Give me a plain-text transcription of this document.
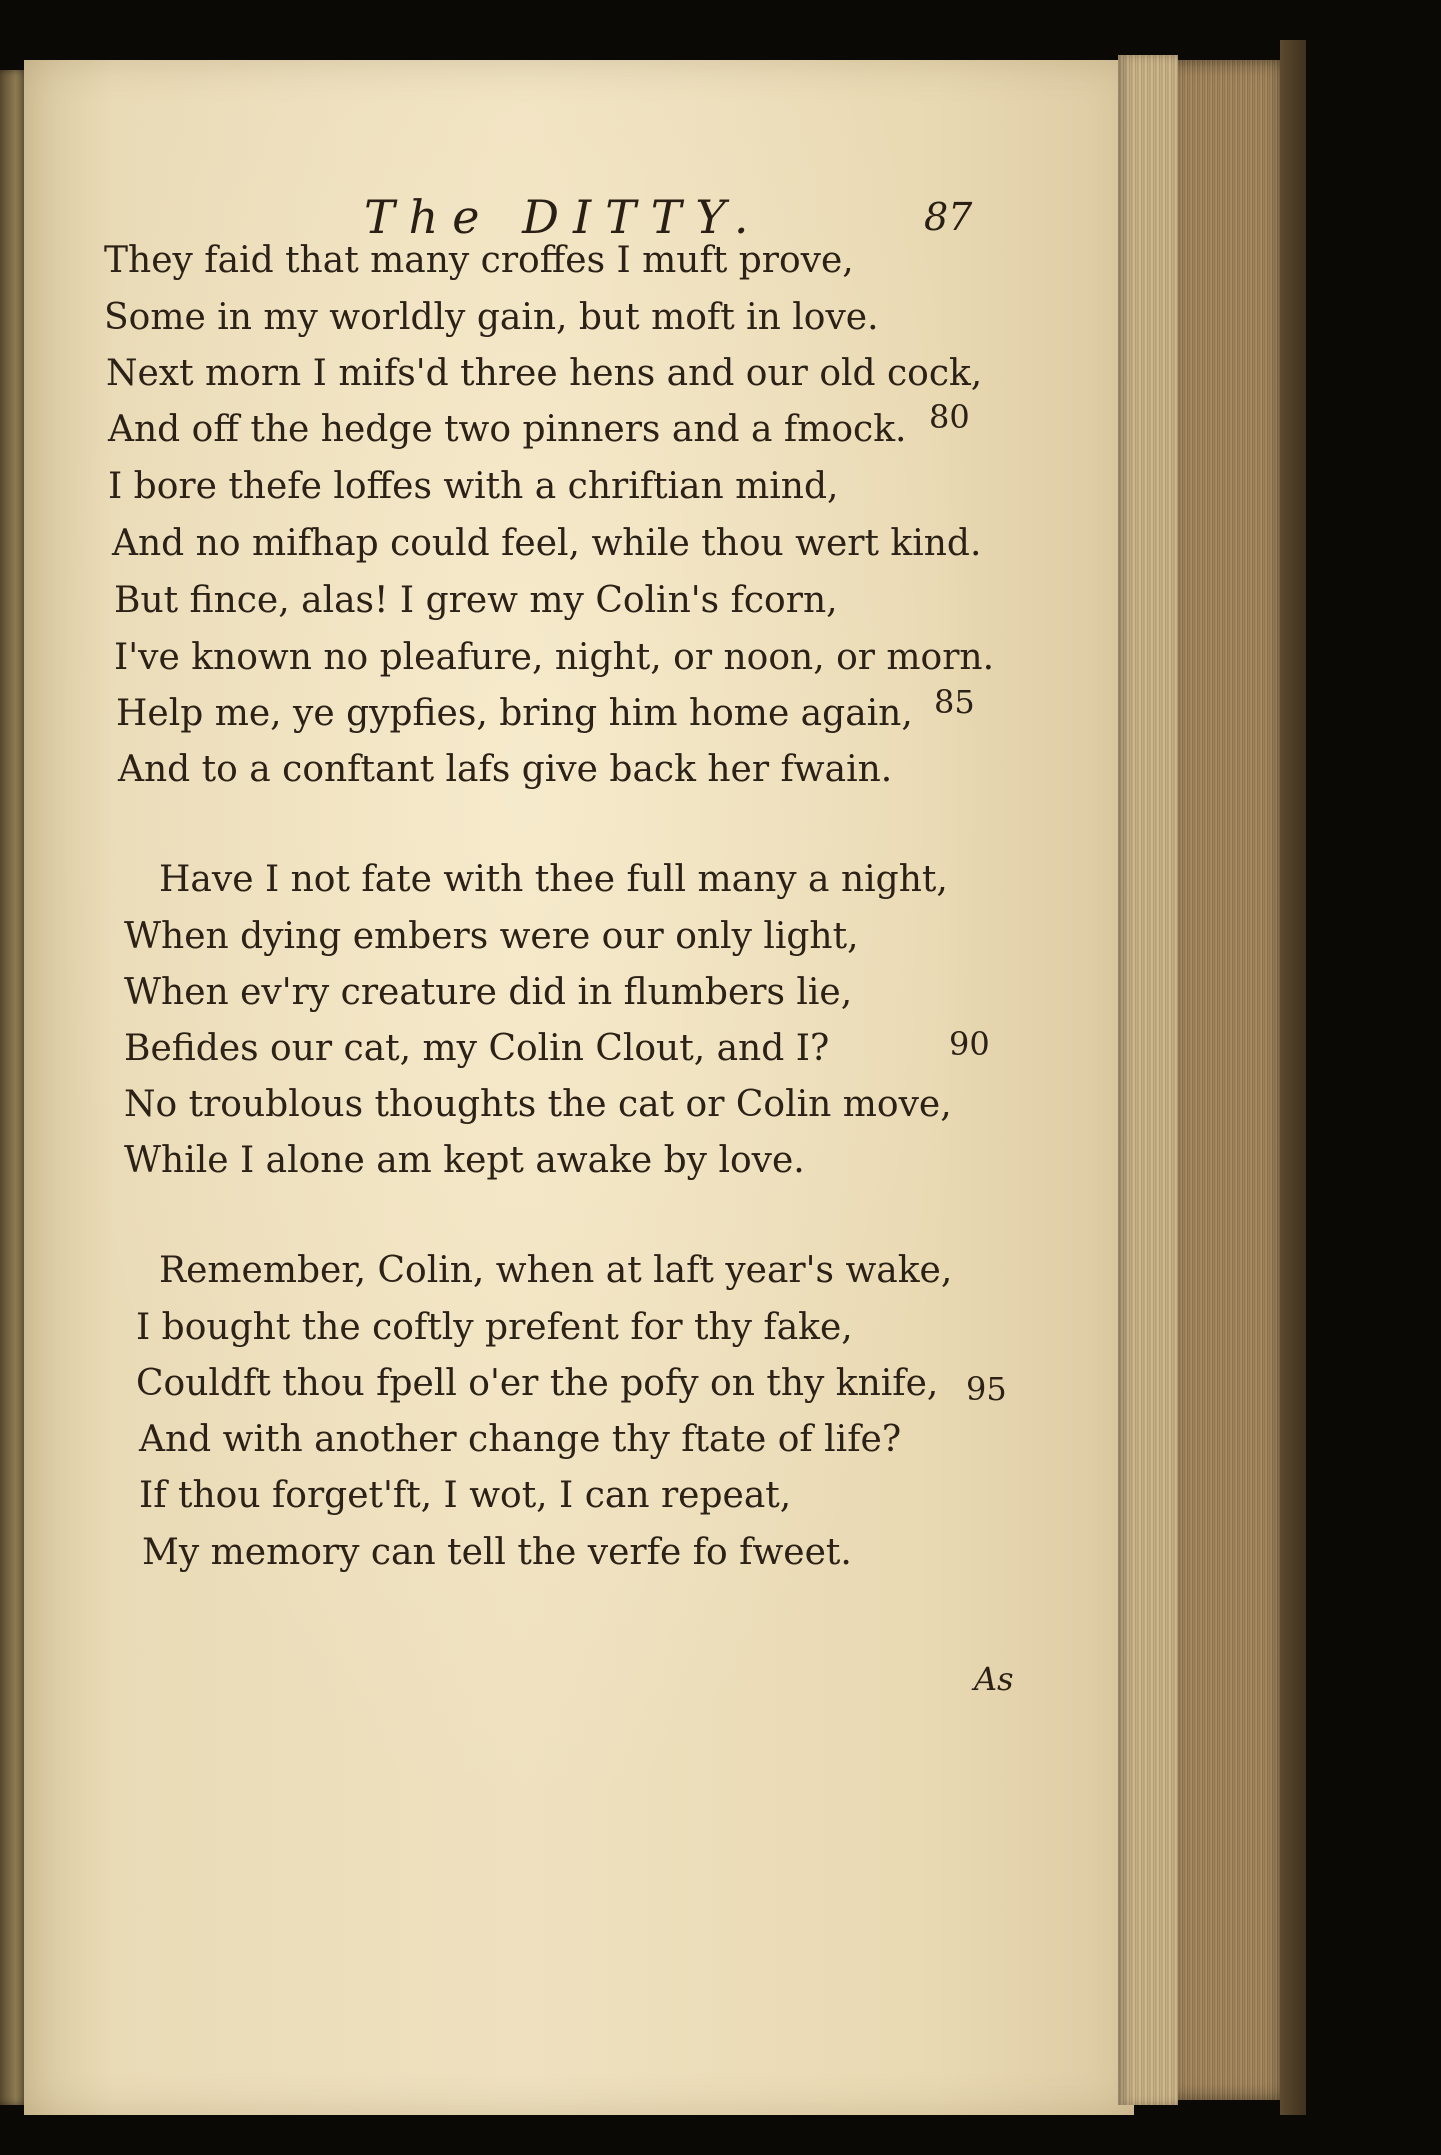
The DITTY.	87
They faid that many croffes I muft prove,
Some in my worldly gain, but moft in love.
Next morn I mifs'd three hens and our old cock,
And off the hedge two pinners and a fmock.
I bore thefe loffes with a chriftian mind,
And no mifhap could feel, while thou wert kind.
But fince, alas! I grew my Colin's fcorn,
I've known no pleafure, night, or noon, or morn.
Help me, ye gypfies, bring him home again,
And to a conftant lafs give back her fwain.
Have I not fate with thee full many a night,
When dying embers were our only light,
When ev'ry creature did in flumbers lie,
Befides our cat, my Colin Clout, and I?
No troublous thoughts the cat or Colin move,
While I alone am kept awake by love.
Remember, Colin, when at laft year's wake,
I bought the coftly prefent for thy fake,
Couldft thou fpell o'er the pofy on thy knife,
And with another change thy ftate of life?
If thou forget'ft, I wot, I can repeat,
My memory can tell the verfe fo fweet.
80
85
90
95
As
